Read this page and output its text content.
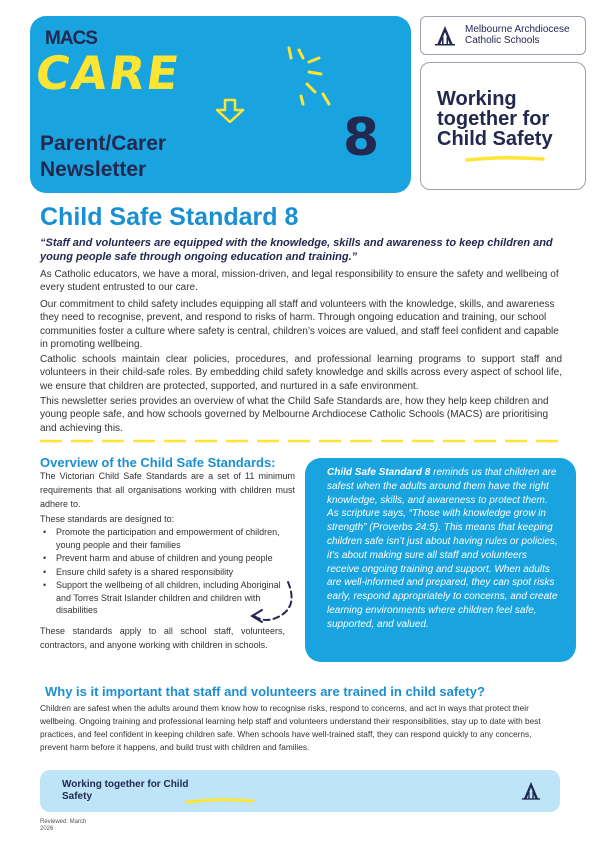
MACS
CARE
Parent/Carer Newsletter
8
Melbourne Archdiocese
Catholic Schools
Working together for Child Safety
Child Safe Standard 8
“Staff and volunteers are equipped with the knowledge, skills and awareness to keep children and young people safe through ongoing education and training.”
As Catholic educators, we have a moral, mission-driven, and legal responsibility to ensure the safety and wellbeing of every student entrusted to our care.
Our commitment to child safety includes equipping all staff and volunteers with the knowledge, skills, and awareness they need to recognise, prevent, and respond to risks of harm. Through ongoing education and training, our school communities foster a culture where safety is central, children’s voices are valued, and staff feel confident and capable in promoting wellbeing.
Catholic schools maintain clear policies, procedures, and professional learning programs to support staff and volunteers in their child-safe roles. By embedding child safety knowledge and skills across every aspect of school life, we ensure that children are protected, supported, and nurtured in a safe environment.
This newsletter series provides an overview of what the Child Safe Standards are, how they help keep children and young people safe, and how schools governed by Melbourne Archdiocese Catholic Schools (MACS) are prioritising and achieving this.
Overview of the Child Safe Standards:
The Victorian Child Safe Standards are a set of 11 minimum requirements that all organisations working with children must adhere to.
These standards are designed to:
• Promote the participation and empowerment of children, young people and their families
• Prevent harm and abuse of children and young people
• Ensure child safety is a shared responsibility
• Support the wellbeing of all children, including Aboriginal and Torres Strait Islander children and children with disabilities
These standards apply to all school staff, volunteers, contractors, and anyone working with children in schools.
Child Safe Standard 8 reminds us that children are safest when the adults around them have the right knowledge, skills, and awareness to protect them. As scripture says, “Those with knowledge grow in strength” (Proverbs 24:5). This means that keeping children safe isn’t just about having rules or policies, it’s about making sure all staff and volunteers receive ongoing training and support. When adults are well-informed and prepared, they can spot risks early, respond appropriately to concerns, and create learning environments where children feel safe, supported, and valued.
Why is it important that staff and volunteers are trained in child safety?
Children are safest when the adults around them know how to recognise risks, respond to concerns, and act in ways that protect their wellbeing. Ongoing training and professional learning help staff and volunteers understand their responsibilities, stay up to date with best practices, and feel confident in keeping children safe. When schools have well-trained staff, they can respond quickly to any concerns, prevent harm before it happens, and build trust with children and families.
Working together for Child
Safety
Reviewed: March
2026
